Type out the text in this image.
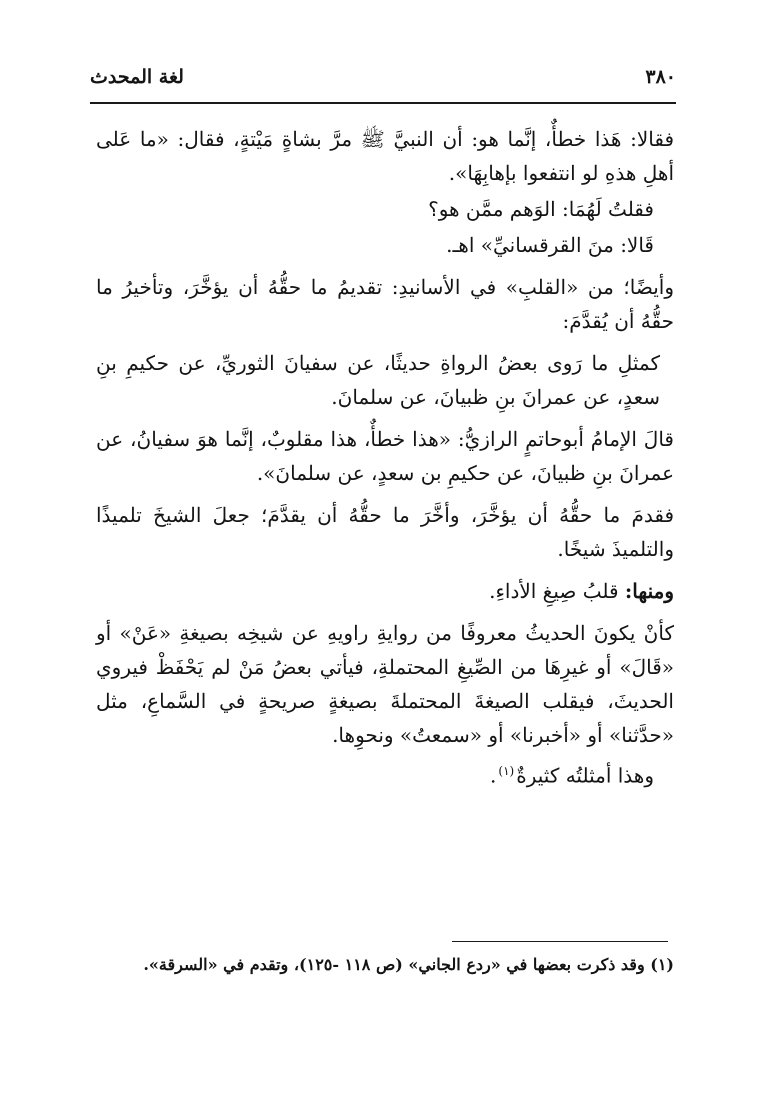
٣٨٠
لغة المحدث

فقالا: هَذا خطأٌ، إنَّما هو: أن النبيَّ ﷺ مرَّ بشاةٍ مَيْتةٍ، فقال: «ما عَلى أهلِ هذهِ لو انتفعوا بإهابِهَا».

فقلتُ لَهُمَا: الوَهم ممَّن هو؟

قَالا: منَ القرقسانيِّ» اهـ.

وأيضًا؛ من «القلبِ» في الأسانيدِ: تقديمُ ما حقُّهُ أن يؤخَّرَ، وتأخيرُ ما حقُّهُ أن يُقدَّمَ:

كمثلِ ما رَوى بعضُ الرواةِ حديثًا، عن سفيانَ الثوريِّ، عن حكيمِ بنِ سعدٍ، عن عمرانَ بنِ ظبيانَ، عن سلمانَ.

قالَ الإمامُ أبوحاتمٍ الرازيُّ: «هذا خطأٌ، هذا مقلوبٌ، إنَّما هوَ سفيانُ، عن عمرانَ بنِ ظبيانَ، عن حكيمِ بن سعدٍ، عن سلمانَ».

فقدمَ ما حقُّهُ أن يؤخَّرَ، وأخَّرَ ما حقُّهُ أن يقدَّمَ؛ جعلَ الشيخَ تلميذًا والتلميذَ شيخًا.

ومنها: قلبُ صِيغِ الأداءِ.

كأنْ يكونَ الحديثُ معروفًا من روايةِ راويهِ عن شيخِه بصيغةِ «عَنْ» أو «قَالَ» أو غيرِهَا من الصِّيغِ المحتملةِ، فيأتي بعضُ مَنْ لم يَحْفَظْ فيروي الحديثَ، فيقلب الصيغةَ المحتملةَ بصيغةٍ صريحةٍ في السَّماعِ، مثل «حدَّثنا» أو «أخبرنا» أو «سمعتُ» ونحوِها.

وهذا أمثلتُه كثيرةٌ$^{(١)}$.

(١) وقد ذكرت بعضها في «ردع الجاني» (ص ١١٨ -١٢٥)، وتقدم في «السرقة».
